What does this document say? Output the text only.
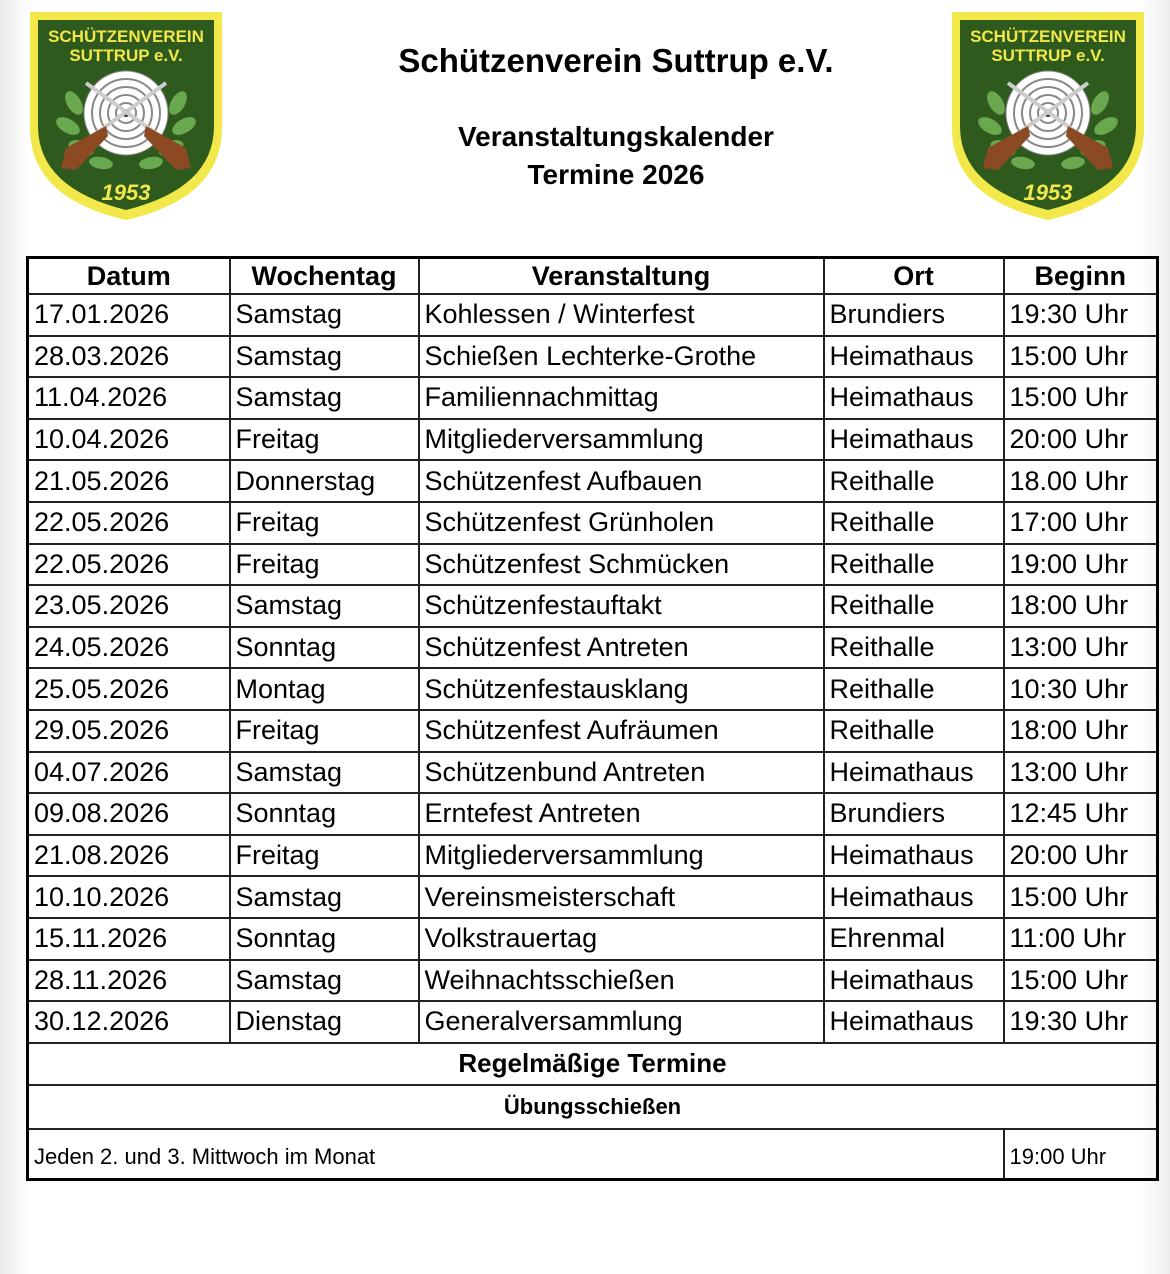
SCHÜTZENVEREIN
SUTTRUP e.V.
1953
SCHÜTZENVEREIN
SUTTRUP e.V.
1953
Schützenverein Suttrup e.V.
Veranstaltungskalender
Termine 2026
Datum	Wochentag	Veranstaltung	Ort	Beginn
17.01.2026	Samstag	Kohlessen / Winterfest	Brundiers	19:30 Uhr
28.03.2026	Samstag	Schießen Lechterke-Grothe	Heimathaus	15:00 Uhr
11.04.2026	Samstag	Familiennachmittag	Heimathaus	15:00 Uhr
10.04.2026	Freitag	Mitgliederversammlung	Heimathaus	20:00 Uhr
21.05.2026	Donnerstag	Schützenfest Aufbauen	Reithalle	18.00 Uhr
22.05.2026	Freitag	Schützenfest Grünholen	Reithalle	17:00 Uhr
22.05.2026	Freitag	Schützenfest Schmücken	Reithalle	19:00 Uhr
23.05.2026	Samstag	Schützenfestauftakt	Reithalle	18:00 Uhr
24.05.2026	Sonntag	Schützenfest Antreten	Reithalle	13:00 Uhr
25.05.2026	Montag	Schützenfestausklang	Reithalle	10:30 Uhr
29.05.2026	Freitag	Schützenfest Aufräumen	Reithalle	18:00 Uhr
04.07.2026	Samstag	Schützenbund Antreten	Heimathaus	13:00 Uhr
09.08.2026	Sonntag	Erntefest Antreten	Brundiers	12:45 Uhr
21.08.2026	Freitag	Mitgliederversammlung	Heimathaus	20:00 Uhr
10.10.2026	Samstag	Vereinsmeisterschaft	Heimathaus	15:00 Uhr
15.11.2026	Sonntag	Volkstrauertag	Ehrenmal	11:00 Uhr
28.11.2026	Samstag	Weihnachtsschießen	Heimathaus	15:00 Uhr
30.12.2026	Dienstag	Generalversammlung	Heimathaus	19:30 Uhr
Regelmäßige Termine				
Übungsschießen				
Jeden 2. und 3. Mittwoch im Monat				19:00 Uhr
